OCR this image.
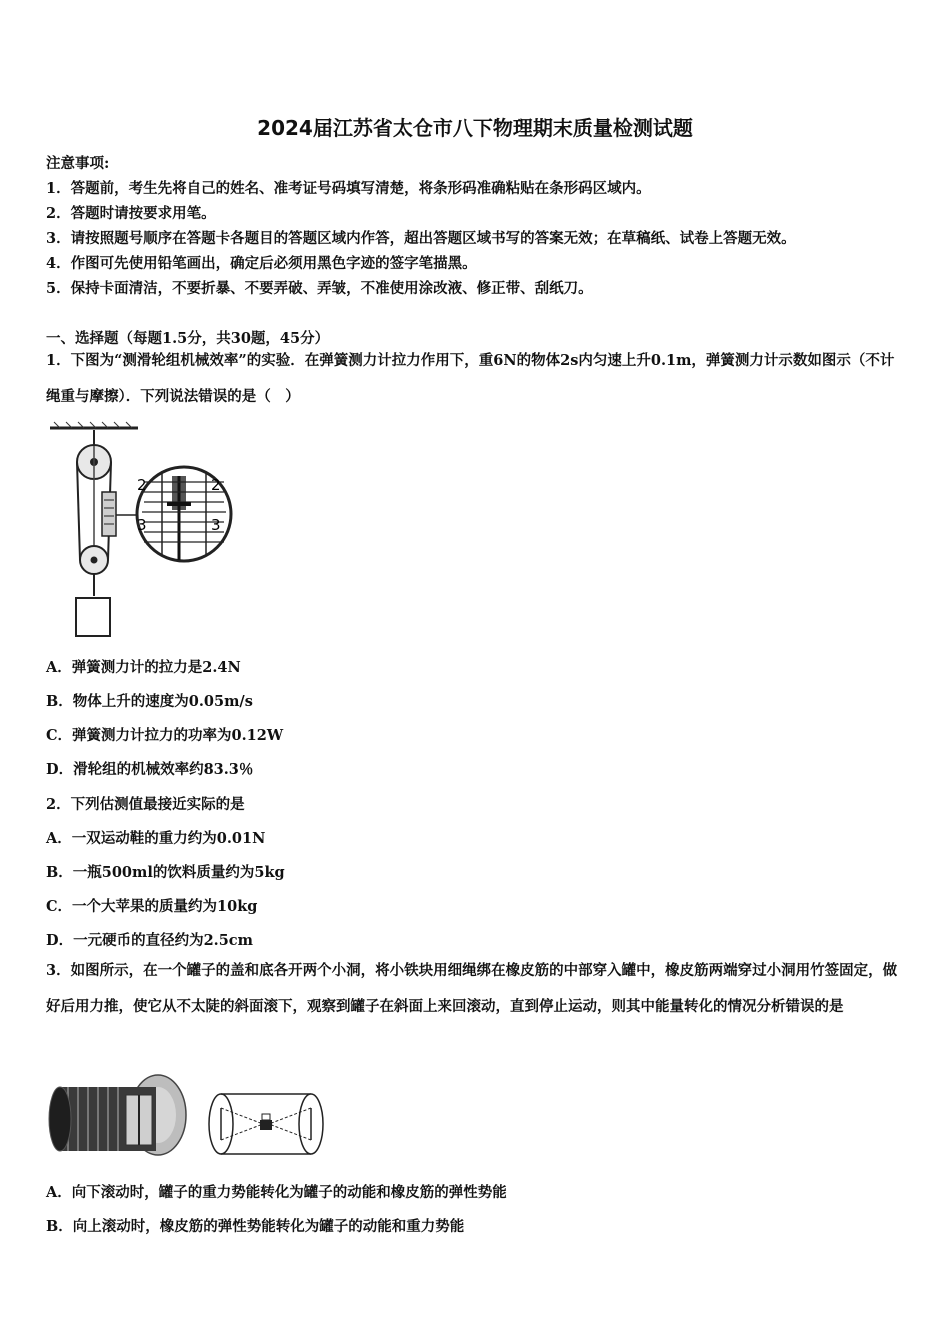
2024届江苏省太仓市八下物理期末质量检测试题
注意事项:
1．答题前，考生先将自己的姓名、准考证号码填写清楚，将条形码准确粘贴在条形码区域内。
2．答题时请按要求用笔。
3．请按照题号顺序在答题卡各题目的答题区域内作答，超出答题区域书写的答案无效；在草稿纸、试卷上答题无效。
4．作图可先使用铅笔画出，确定后必须用黑色字迹的签字笔描黑。
5．保持卡面清洁，不要折暴、不要弄破、弄皱，不准使用涂改液、修正带、刮纸刀。
一、选择题（每题1.5分，共30题，45分）
1．下图为“测滑轮组机械效率”的实验．在弹簧测力计拉力作用下，重6N的物体2s内匀速上升0.1m，弹簧测力计示数如图示（不计绳重与摩擦）．下列说法错误的是（　）
2	2
3	3
A．弹簧测力计的拉力是2.4N
B．物体上升的速度为0.05m/s
C．弹簧测力计拉力的功率为0.12W
D．滑轮组的机械效率约83.3％
2．下列估测值最接近实际的是
A．一双运动鞋的重力约为0.01N
B．一瓶500ml的饮料质量约为5kg
C．一个大苹果的质量约为10kg
D．一元硬币的直径约为2.5cm
3．如图所示，在一个罐子的盖和底各开两个小洞，将小铁块用细绳绑在橡皮筋的中部穿入罐中，橡皮筋两端穿过小洞用竹签固定，做好后用力推，使它从不太陡的斜面滚下，观察到罐子在斜面上来回滚动，直到停止运动，则其中能量转化的情况分析错误的是
A．向下滚动时，罐子的重力势能转化为罐子的动能和橡皮筋的弹性势能
B．向上滚动时，橡皮筋的弹性势能转化为罐子的动能和重力势能
